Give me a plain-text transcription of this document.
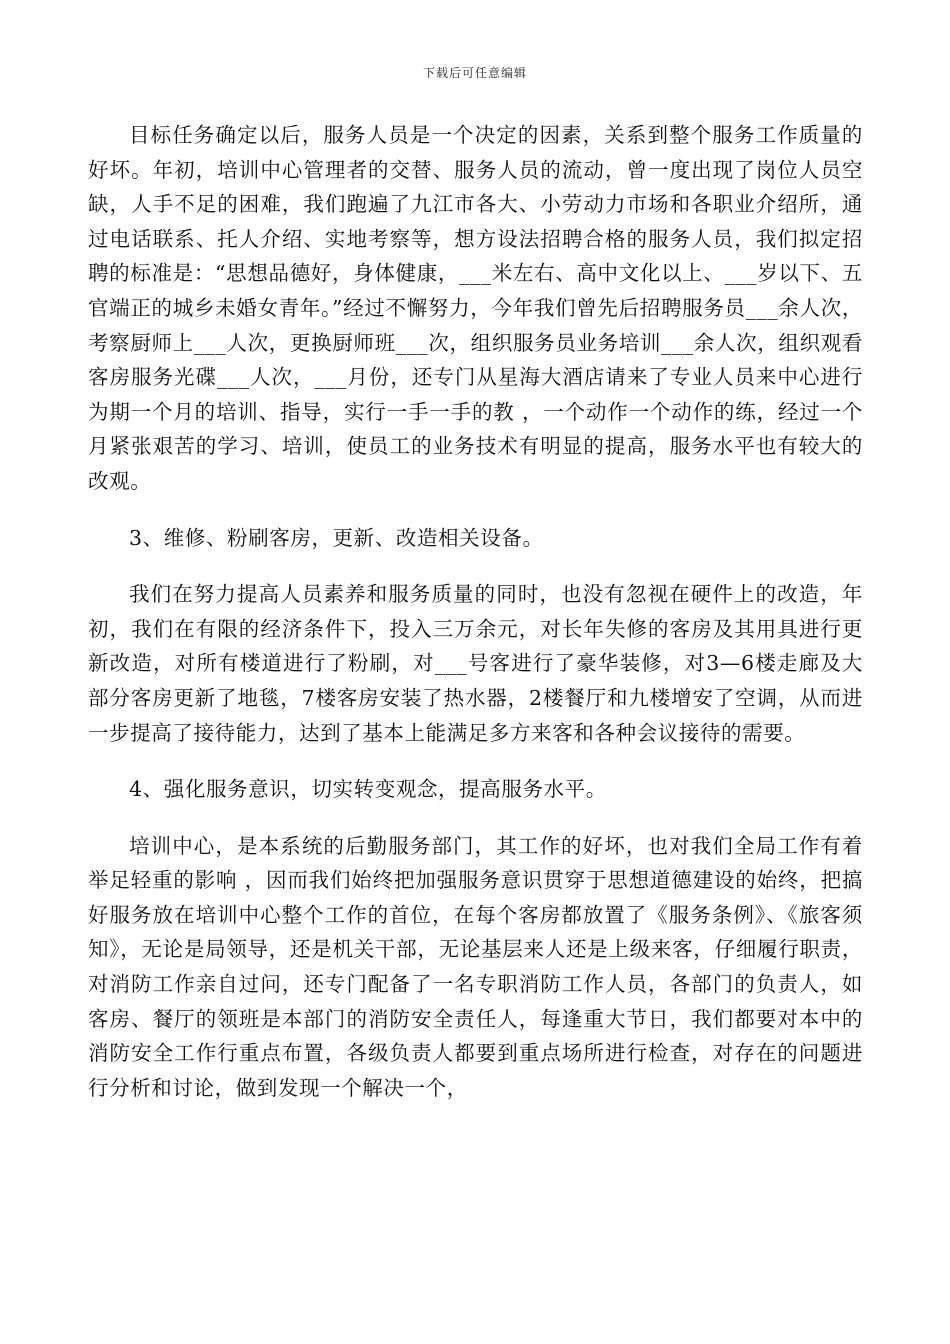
下载后可任意编辑

目标任务确定以后，服务人员是一个决定的因素，关系到整个服务工作质量的好坏。年初，培训中心管理者的交替、服务人员的流动，曾一度出现了岗位人员空缺，人手不足的困难，我们跑遍了九江市各大、小劳动力市场和各职业介绍所，通过电话联系、托人介绍、实地考察等，想方设法招聘合格的服务人员，我们拟定招聘的标准是：“思想品德好，身体健康，___米左右、高中文化以上、___岁以下、五官端正的城乡未婚女青年。”经过不懈努力，今年我们曾先后招聘服务员___余人次，考察厨师上___人次，更换厨师班___次，组织服务员业务培训___余人次，组织观看客房服务光碟___人次，___月份，还专门从星海大酒店请来了专业人员来中心进行为期一个月的培训、指导，实行一手一手的教 ，一个动作一个动作的练，经过一个月紧张艰苦的学习、培训，使员工的业务技术有明显的提高，服务水平也有较大的改观。

3、维修、粉刷客房，更新、改造相关设备。

我们在努力提高人员素养和服务质量的同时，也没有忽视在硬件上的改造，年初，我们在有限的经济条件下，投入三万余元，对长年失修的客房及其用具进行更新改造，对所有楼道进行了粉刷，对___号客进行了豪华装修，对3—6楼走廊及大部分客房更新了地毯，7楼客房安装了热水器，2楼餐厅和九楼增安了空调，从而进一步提高了接待能力，达到了基本上能满足多方来客和各种会议接待的需要。

4、强化服务意识，切实转变观念，提高服务水平。

培训中心，是本系统的后勤服务部门，其工作的好坏，也对我们全局工作有着举足轻重的影响 ，因而我们始终把加强服务意识贯穿于思想道德建设的始终，把搞好服务放在培训中心整个工作的首位，在每个客房都放置了《服务条例》、《旅客须知》，无论是局领导，还是机关干部，无论基层来人还是上级来客，仔细履行职责，对消防工作亲自过问，还专门配备了一名专职消防工作人员，各部门的负责人，如客房、餐厅的领班是本部门的消防安全责任人，每逢重大节日，我们都要对本中的消防安全工作行重点布置，各级负责人都要到重点场所进行检查，对存在的问题进行分析和讨论，做到发现一个解决一个，
